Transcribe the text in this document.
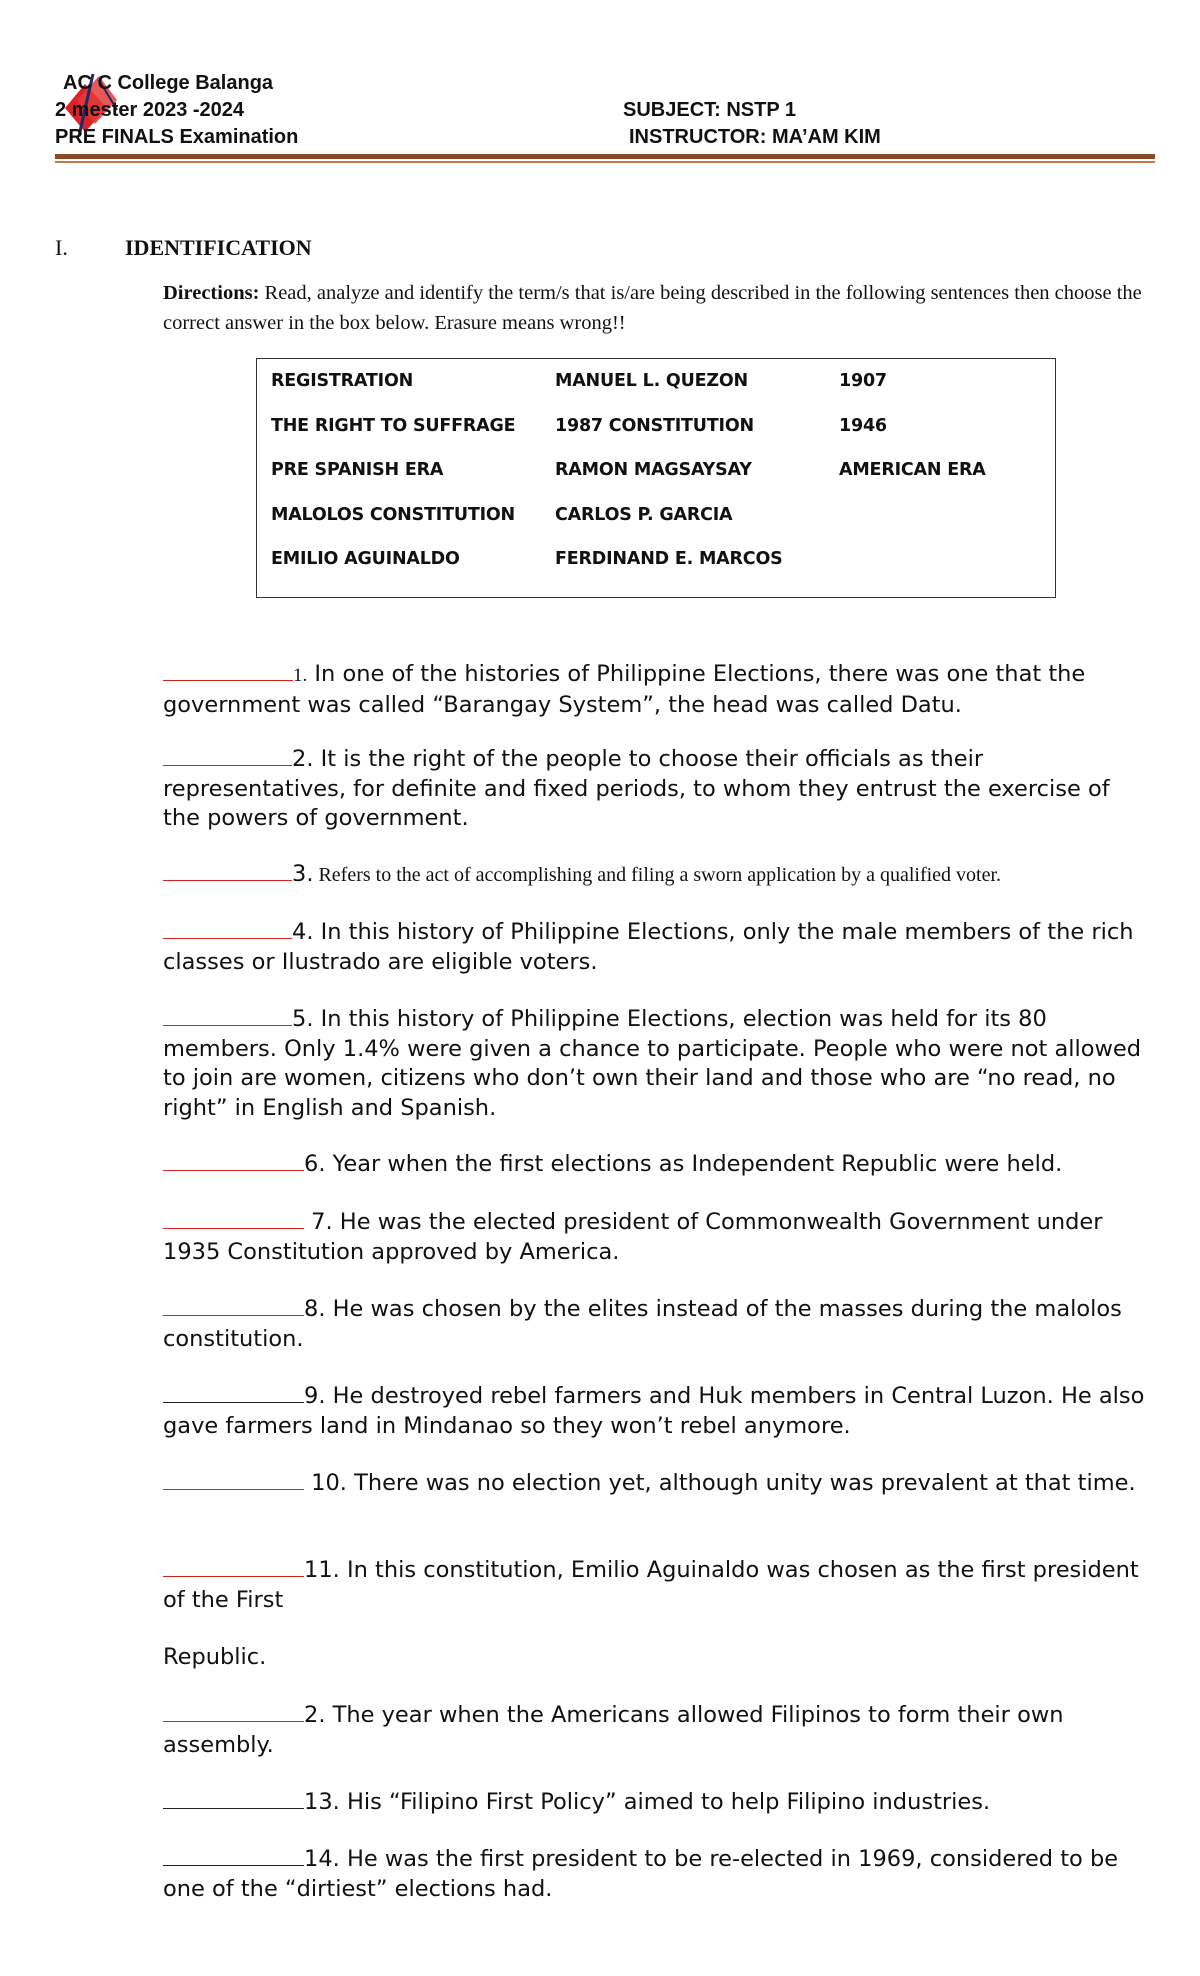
AC C College Balanga
2 mester 2023 -2024
PRE FINALS Examination
SUBJECT: NSTP 1
INSTRUCTOR: MA’AM KIM
I.	IDENTIFICATION
Directions: Read, analyze and identify the term/s that is/are being described in the following sentences then choose the correct answer in the box below. Erasure means wrong!!
REGISTRATION	MANUEL L. QUEZON	1907
THE RIGHT TO SUFFRAGE	1987 CONSTITUTION	1946
PRE SPANISH ERA	RAMON MAGSAYSAY	AMERICAN ERA
MALOLOS CONSTITUTION	CARLOS P. GARCIA
EMILIO AGUINALDO	FERDINAND E. MARCOS
1. In one of the histories of Philippine Elections, there was one that the government was called “Barangay System”, the head was called Datu.
2. It is the right of the people to choose their officials as their representatives, for definite and fixed periods, to whom they entrust the exercise of the powers of government.
3. Refers to the act of accomplishing and filing a sworn application by a qualified voter.
4. In this history of Philippine Elections, only the male members of the rich classes or Ilustrado are eligible voters.
5. In this history of Philippine Elections, election was held for its 80 members. Only 1.4% were given a chance to participate. People who were not allowed to join are women, citizens who don’t own their land and those who are “no read, no right” in English and Spanish.
6. Year when the first elections as Independent Republic were held.
7. He was the elected president of Commonwealth Government under 1935 Constitution approved by America.
8. He was chosen by the elites instead of the masses during the malolos constitution.
9. He destroyed rebel farmers and Huk members in Central Luzon. He also gave farmers land in Mindanao so they won’t rebel anymore.
10. There was no election yet, although unity was prevalent at that time.
11. In this constitution, Emilio Aguinaldo was chosen as the first president of the First
Republic.
2. The year when the Americans allowed Filipinos to form their own assembly.
13. His “Filipino First Policy” aimed to help Filipino industries.
14. He was the first president to be re-elected in 1969, considered to be one of the “dirtiest” elections had.
